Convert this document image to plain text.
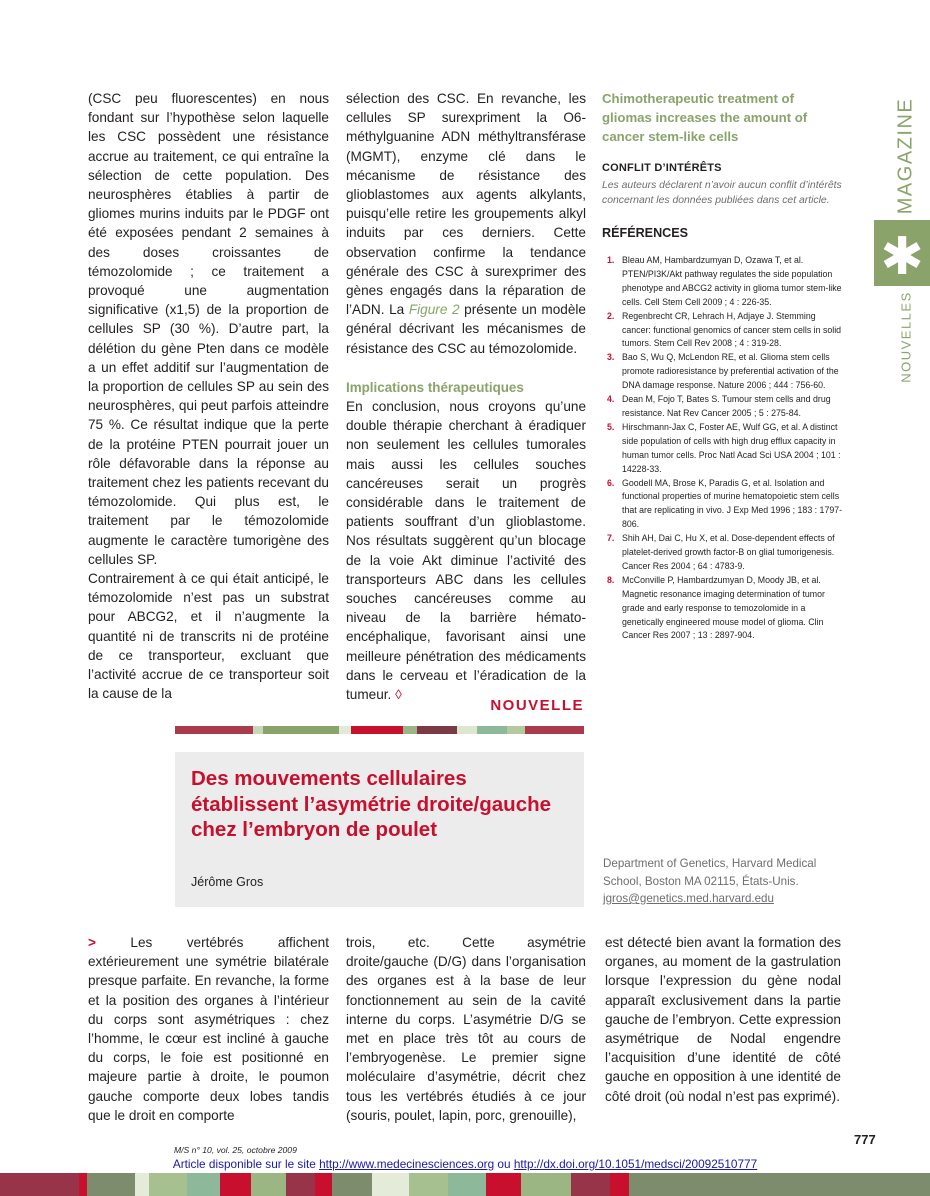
(CSC peu fluorescentes) en nous fondant sur l’hypothèse selon laquelle les CSC possèdent une résistance accrue au traitement, ce qui entraîne la sélection de cette population. Des neurosphères établies à partir de gliomes murins induits par le PDGF ont été exposées pendant 2 semaines à des doses croissantes de témozolomide ; ce traitement a provoqué une augmentation significative (x1,5) de la proportion de cellules SP (30 %). D’autre part, la délétion du gène Pten dans ce modèle a un effet additif sur l’augmentation de la proportion de cellules SP au sein des neurosphères, qui peut parfois atteindre 75 %. Ce résultat indique que la perte de la protéine PTEN pourrait jouer un rôle défavorable dans la réponse au traitement chez les patients recevant du témozolomide. Qui plus est, le traitement par le témozolomide augmente le caractère tumorigène des cellules SP.

Contrairement à ce qui était anticipé, le témozolomide n’est pas un substrat pour ABCG2, et il n’augmente la quantité ni de transcrits ni de protéine de ce transporteur, excluant que l’activité accrue de ce transporteur soit la cause de la

sélection des CSC. En revanche, les cellules SP surexpriment la O6-méthylguanine ADN méthyltransférase (MGMT), enzyme clé dans le mécanisme de résistance des glioblastomes aux agents alkylants, puisqu’elle retire les groupements alkyl induits par ces derniers. Cette observation confirme la tendance générale des CSC à surexprimer des gènes engagés dans la réparation de l’ADN. La Figure 2 présente un modèle général décrivant les mécanismes de résistance des CSC au témozolomide.

Implications thérapeutiques

En conclusion, nous croyons qu’une double thérapie cherchant à éradiquer non seulement les cellules tumorales mais aussi les cellules souches cancéreuses serait un progrès considérable dans le traitement de patients souffrant d’un glioblastome. Nos résultats suggèrent qu’un blocage de la voie Akt diminue l’activité des transporteurs ABC dans les cellules souches cancéreuses comme au niveau de la barrière hémato-encéphalique, favorisant ainsi une meilleure pénétration des médicaments dans le cerveau et l’éradication de la tumeur. ◊

Chimotherapeutic treatment of gliomas increases the amount of cancer stem-like cells
CONFLIT D’INTÉRÊTS
Les auteurs déclarent n’avoir aucun conflit d’intérêts concernant les données publiées dans cet article.
RÉFÉRENCES
1. Bleau AM, Hambardzumyan D, Ozawa T, et al. PTEN/PI3K/Akt pathway regulates the side population phenotype and ABCG2 activity in glioma tumor stem-like cells. Cell Stem Cell 2009 ; 4 : 226-35.
2. Regenbrecht CR, Lehrach H, Adjaye J. Stemming cancer: functional genomics of cancer stem cells in solid tumors. Stem Cell Rev 2008 ; 4 : 319-28.
3. Bao S, Wu Q, McLendon RE, et al. Glioma stem cells promote radioresistance by preferential activation of the DNA damage response. Nature 2006 ; 444 : 756-60.
4. Dean M, Fojo T, Bates S. Tumour stem cells and drug resistance. Nat Rev Cancer 2005 ; 5 : 275-84.
5. Hirschmann-Jax C, Foster AE, Wulf GG, et al. A distinct side population of cells with high drug efflux capacity in human tumor cells. Proc Natl Acad Sci USA 2004 ; 101 : 14228-33.
6. Goodell MA, Brose K, Paradis G, et al. Isolation and functional properties of murine hematopoietic stem cells that are replicating in vivo. J Exp Med 1996 ; 183 : 1797-806.
7. Shih AH, Dai C, Hu X, et al. Dose-dependent effects of platelet-derived growth factor-B on glial tumorigenesis. Cancer Res 2004 ; 64 : 4783-9.
8. McConville P, Hambardzumyan D, Moody JB, et al. Magnetic resonance imaging determination of tumor grade and early response to temozolomide in a genetically engineered mouse model of glioma. Clin Cancer Res 2007 ; 13 : 2897-904.
MAGAZINE
✱
NOUVELLES
NOUVELLE
Des mouvements cellulaires établissent l’asymétrie droite/gauche chez l’embryon de poulet
Jérôme Gros
Department of Genetics, Harvard Medical School, Boston MA 02115, États-Unis.
jgros@genetics.med.harvard.edu

>	Les vertébrés affichent extérieurement une symétrie bilatérale presque parfaite. En revanche, la forme et la position des organes à l’intérieur du corps sont asymétriques : chez l’homme, le cœur est incliné à gauche du corps, le foie est positionné en majeure partie à droite, le poumon gauche comporte deux lobes tandis que le droit en comporte

trois, etc. Cette asymétrie droite/gauche (D/G) dans l’organisation des organes est à la base de leur fonctionnement au sein de la cavité interne du corps. L’asymétrie D/G se met en place très tôt au cours de l’embryogenèse. Le premier signe moléculaire d’asymétrie, décrit chez tous les vertébrés étudiés à ce jour (souris, poulet, lapin, porc, grenouille),

est détecté bien avant la formation des organes, au moment de la gastrulation lorsque l’expression du gène nodal apparaît exclusivement dans la partie gauche de l’embryon. Cette expression asymétrique de Nodal engendre l’acquisition d’une identité de côté gauche en opposition à une identité de côté droit (où nodal n’est pas exprimé).

777
M/S n° 10, vol. 25, octobre 2009
Article disponible sur le site http://www.medecinesciences.org ou http://dx.doi.org/10.1051/medsci/20092510777
